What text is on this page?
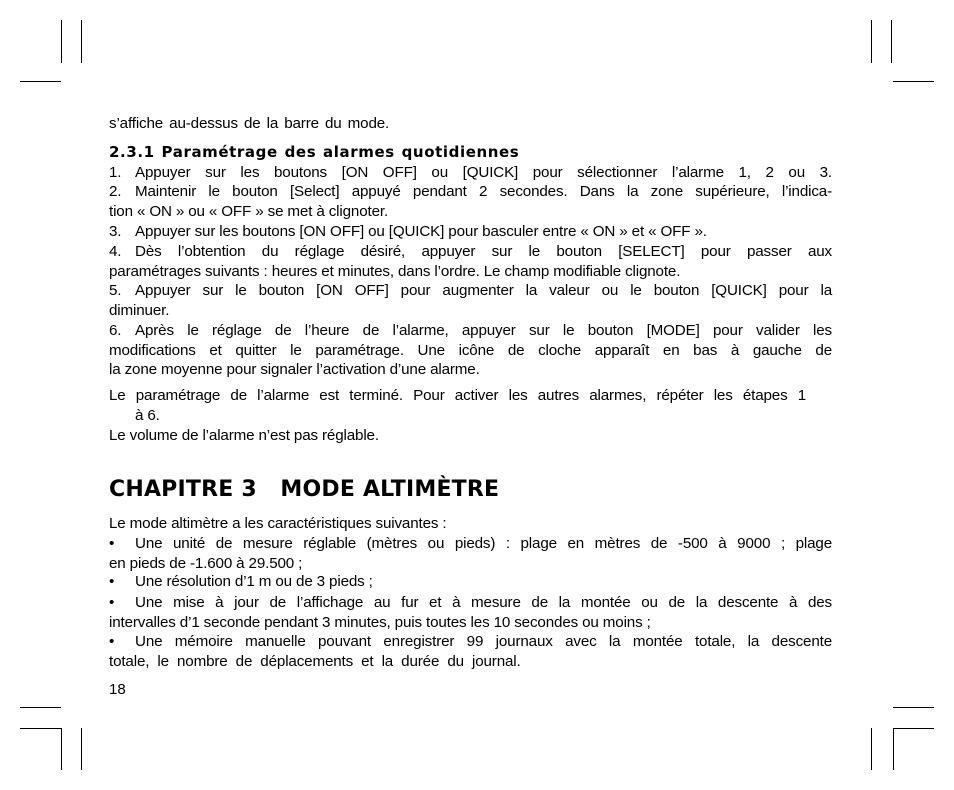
s’affiche au-dessus de la barre du mode.
2.3.1 Paramétrage des alarmes quotidiennes
1. Appuyer sur les boutons [ON OFF] ou [QUICK] pour sélectionner l’alarme 1, 2 ou 3.
2. Maintenir le bouton [Select] appuyé pendant 2 secondes. Dans la zone supérieure, l’indica-
tion « ON » ou « OFF » se met à clignoter.
3. Appuyer sur les boutons [ON OFF] ou [QUICK] pour basculer entre « ON » et « OFF ».
4. Dès l’obtention du réglage désiré, appuyer sur le bouton [SELECT] pour passer aux
paramétrages suivants : heures et minutes, dans l’ordre. Le champ modifiable clignote.
5. Appuyer sur le bouton [ON OFF] pour augmenter la valeur ou le bouton [QUICK] pour la
diminuer.
6. Après le réglage de l’heure de l’alarme, appuyer sur le bouton [MODE] pour valider les
modifications et quitter le paramétrage. Une icône de cloche apparaît en bas à gauche de
la zone moyenne pour signaler l’activation d’une alarme.
Le paramétrage de l’alarme est terminé. Pour activer les autres alarmes, répéter les étapes 1
à 6.
Le volume de l’alarme n’est pas réglable.
CHAPITRE 3   MODE ALTIMÈTRE
Le mode altimètre a les caractéristiques suivantes :
• Une unité de mesure réglable (mètres ou pieds) : plage en mètres de -500 à 9000 ; plage
en pieds de -1.600 à 29.500 ;
• Une résolution d’1 m ou de 3 pieds ;
• Une mise à jour de l’affichage au fur et à mesure de la montée ou de la descente à des
intervalles d’1 seconde pendant 3 minutes, puis toutes les 10 secondes ou moins ;
• Une mémoire manuelle pouvant enregistrer 99 journaux avec la montée totale, la descente
totale, le nombre de déplacements et la durée du journal.
18
